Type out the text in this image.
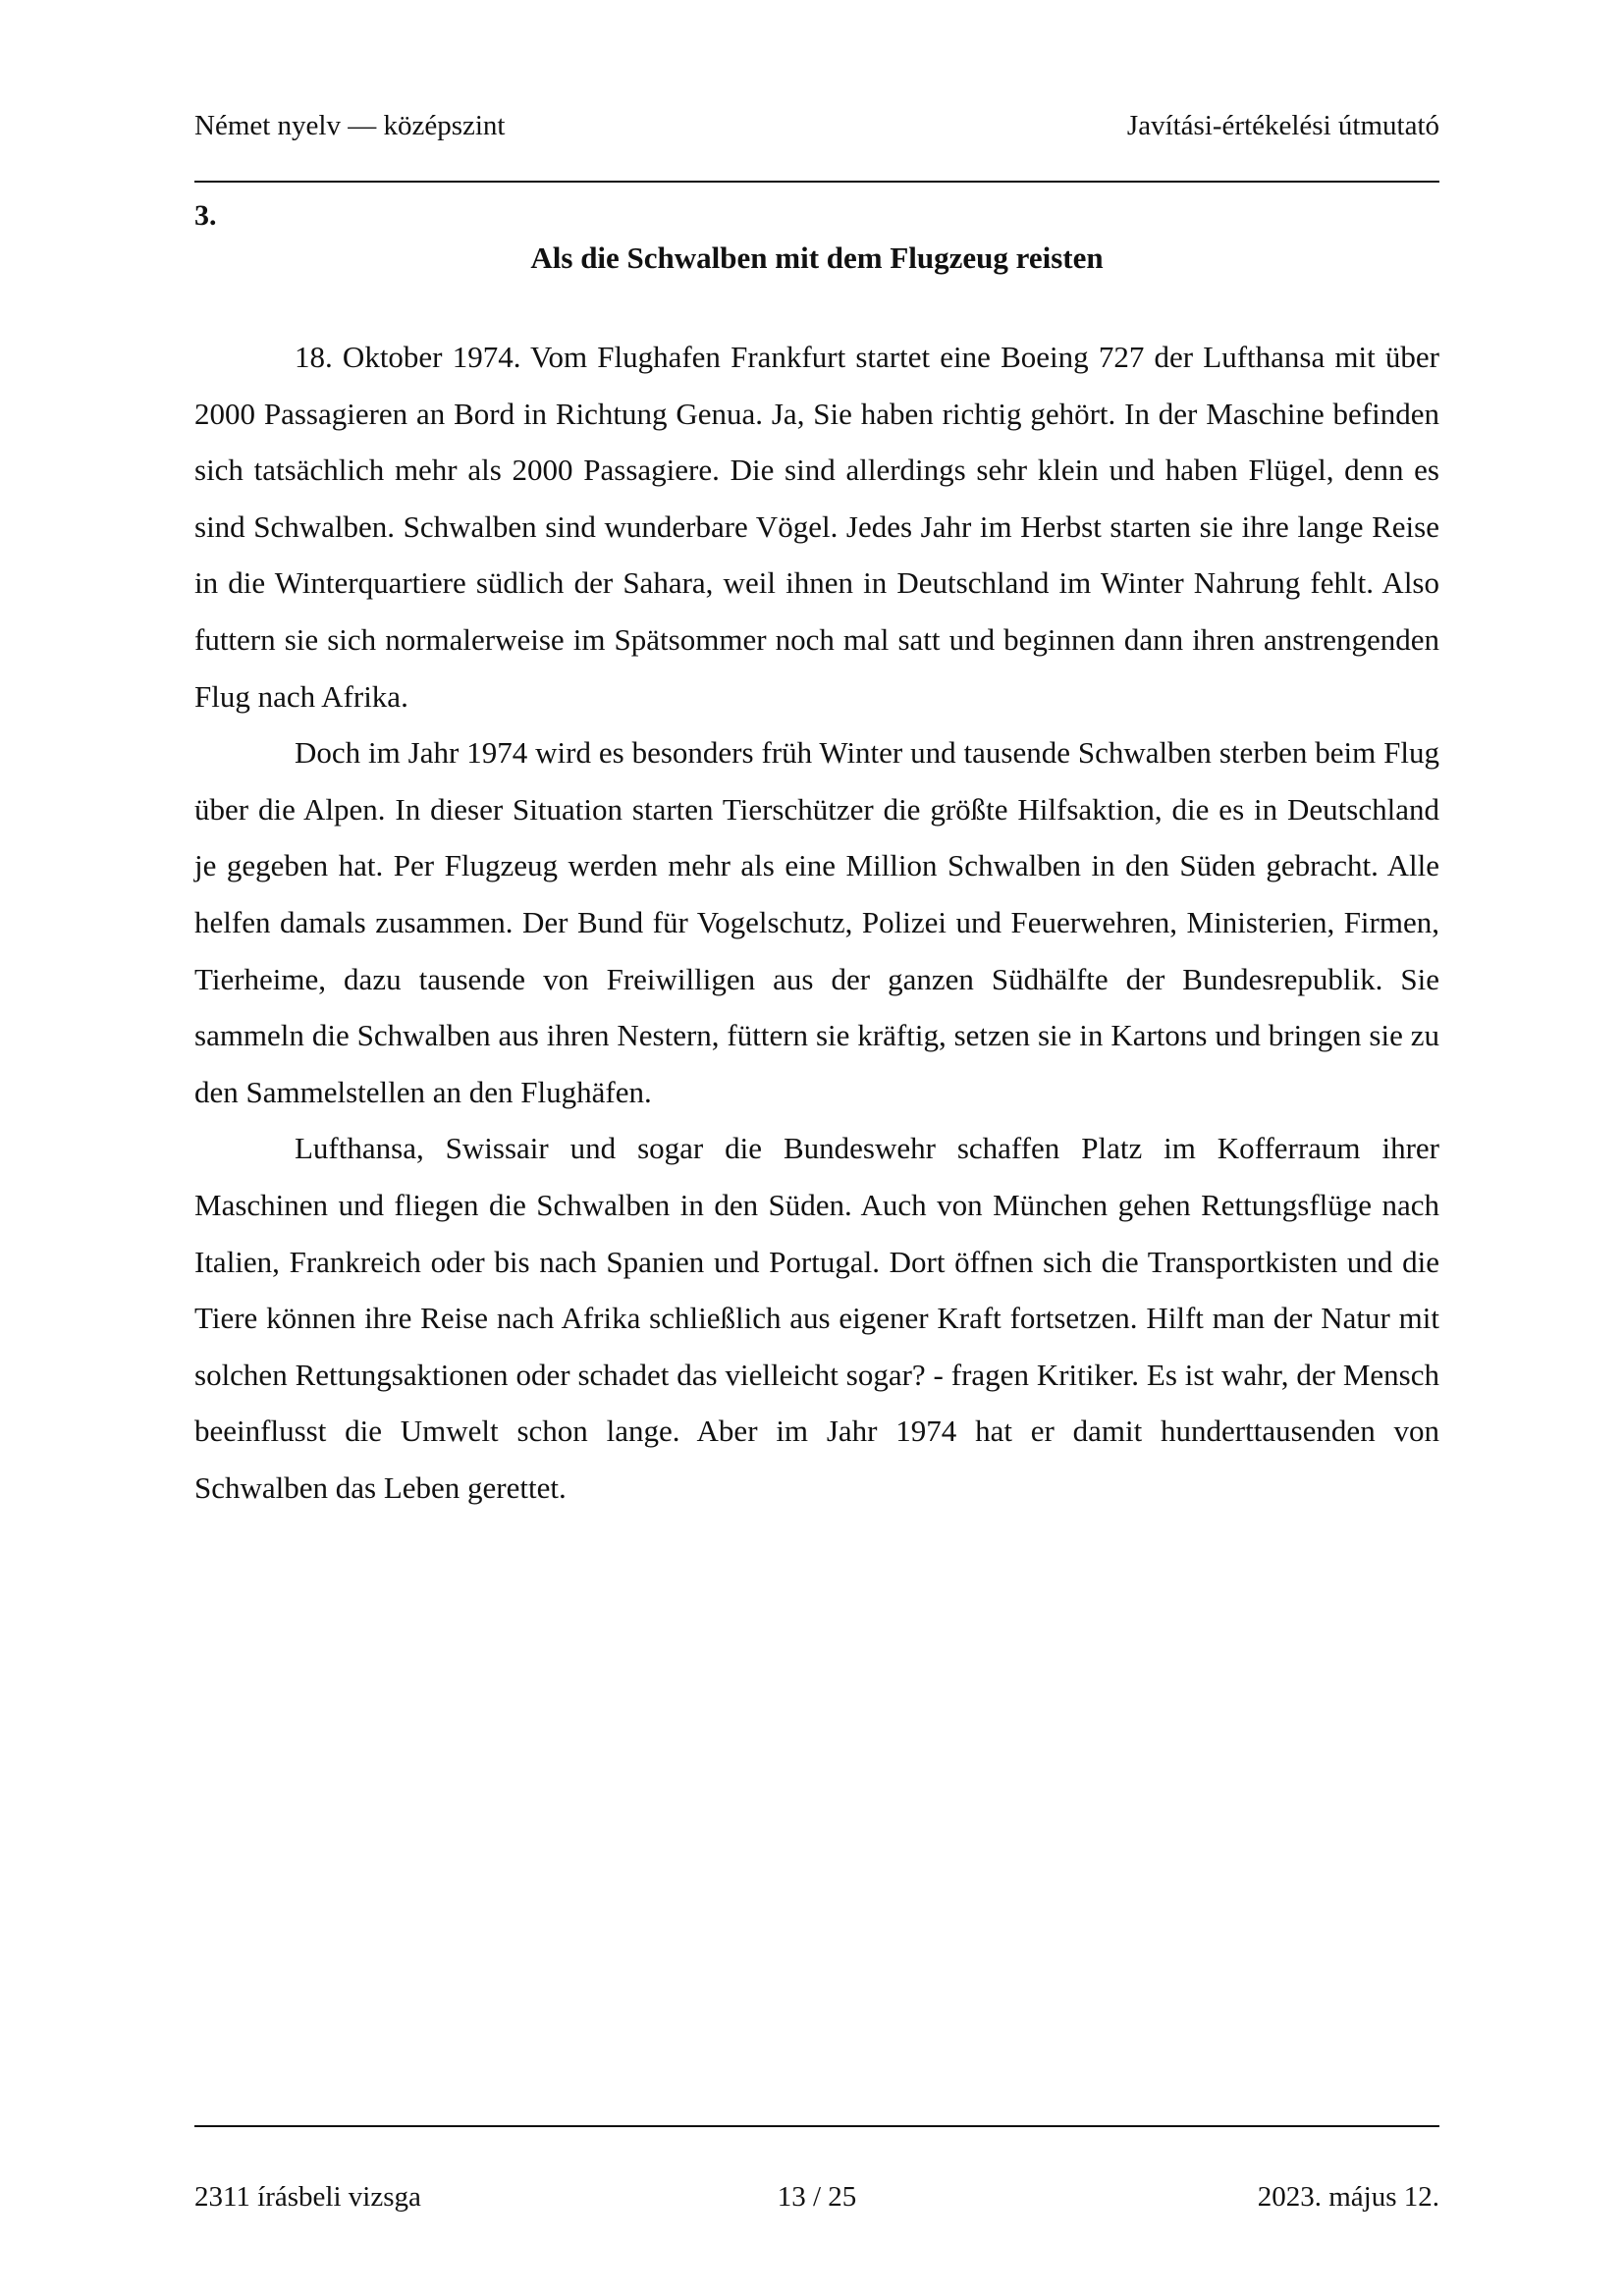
Német nyelv — középszint	Javítási-értékelési útmutató
3.
Als die Schwalben mit dem Flugzeug reisten

18. Oktober 1974. Vom Flughafen Frankfurt startet eine Boeing 727 der Lufthansa mit über 2000 Passagieren an Bord in Richtung Genua. Ja, Sie haben richtig gehört. In der Maschine befinden sich tatsächlich mehr als 2000 Passagiere. Die sind allerdings sehr klein und haben Flügel, denn es sind Schwalben. Schwalben sind wunderbare Vögel. Jedes Jahr im Herbst starten sie ihre lange Reise in die Winterquartiere südlich der Sahara, weil ihnen in Deutschland im Winter Nahrung fehlt. Also futtern sie sich normalerweise im Spätsommer noch mal satt und beginnen dann ihren anstrengenden Flug nach Afrika.

Doch im Jahr 1974 wird es besonders früh Winter und tausende Schwalben sterben beim Flug über die Alpen. In dieser Situation starten Tierschützer die größte Hilfsaktion, die es in Deutschland je gegeben hat. Per Flugzeug werden mehr als eine Million Schwalben in den Süden gebracht. Alle helfen damals zusammen. Der Bund für Vogelschutz, Polizei und Feuerwehren, Ministerien, Firmen, Tierheime, dazu tausende von Freiwilligen aus der ganzen Südhälfte der Bundesrepublik. Sie sammeln die Schwalben aus ihren Nestern, füttern sie kräftig, setzen sie in Kartons und bringen sie zu den Sammelstellen an den Flughäfen.

Lufthansa, Swissair und sogar die Bundeswehr schaffen Platz im Kofferraum ihrer Maschinen und fliegen die Schwalben in den Süden. Auch von München gehen Rettungsflüge nach Italien, Frankreich oder bis nach Spanien und Portugal. Dort öffnen sich die Transportkisten und die Tiere können ihre Reise nach Afrika schließlich aus eigener Kraft fortsetzen. Hilft man der Natur mit solchen Rettungsaktionen oder schadet das vielleicht sogar? - fragen Kritiker. Es ist wahr, der Mensch beeinflusst die Umwelt schon lange. Aber im Jahr 1974 hat er damit hunderttausenden von Schwalben das Leben gerettet.

2311 írásbeli vizsga	13 / 25	2023. május 12.
